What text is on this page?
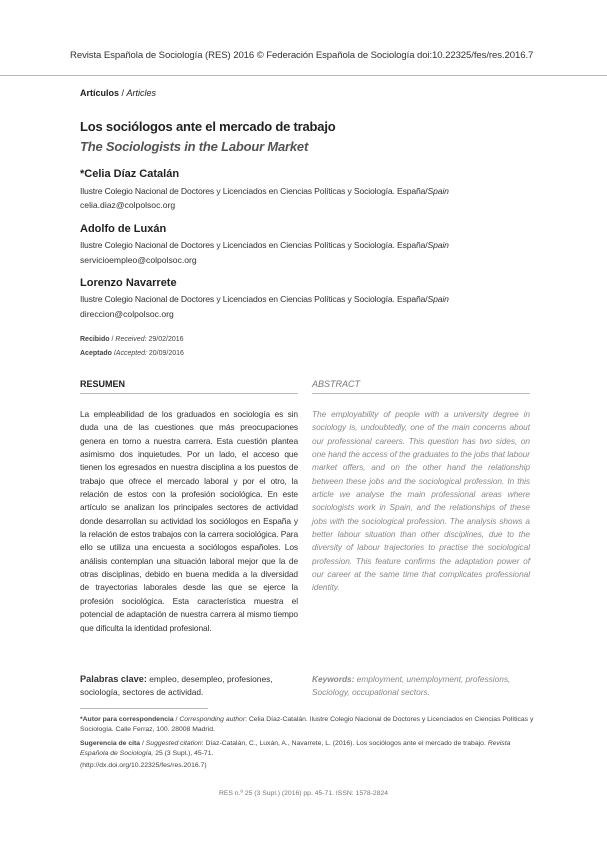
Revista Española de Sociología (RES) 2016 © Federación Española de Sociología doi:10.22325/fes/res.2016.7
Artículos / Articles
Los sociólogos ante el mercado de trabajo
The Sociologists in the Labour Market
*Celia Díaz Catalán
Ilustre Colegio Nacional de Doctores y Licenciados en Ciencias Políticas y Sociología. España/Spain
celia.diaz@colpolsoc.org
Adolfo de Luxán
Ilustre Colegio Nacional de Doctores y Licenciados en Ciencias Políticas y Sociología. España/Spain
servicioempleo@colpolsoc.org
Lorenzo Navarrete
Ilustre Colegio Nacional de Doctores y Licenciados en Ciencias Políticas y Sociología. España/Spain
direccion@colpolsoc.org
Recibido / Received: 29/02/2016
Aceptado /Accepted: 20/09/2016
RESUMEN	ABSTRACT
La empleabilidad de los graduados en sociología es sin duda una de las cuestiones que más preocupaciones genera en torno a nuestra carrera. Esta cuestión plantea asimismo dos inquietudes. Por un lado, el acceso que tienen los egresados en nuestra disciplina a los puestos de trabajo que ofrece el mercado laboral y por el otro, la relación de estos con la profesión sociológica. En este artículo se analizan los principales sectores de actividad donde desarrollan su actividad los sociólogos en España y la relación de estos trabajos con la carrera sociológica. Para ello se utiliza una encuesta a sociólogos españoles. Los análisis contemplan una situación laboral mejor que la de otras disciplinas, debido en buena medida a la diversidad de trayectorias laborales desde las que se ejerce la profesión sociológica. Esta característica muestra el potencial de adaptación de nuestra carrera al mismo tiempo que dificulta la identidad profesional.
Palabras clave: empleo, desempleo, profesiones, sociología, sectores de actividad.
The employability of people with a university degree in sociology is, undoubtedly, one of the main concerns about our professional careers. This question has two sides, on one hand the access of the graduates to the jobs that labour market offers, and on the other hand the relationship between these jobs and the sociological profession. In this article we analyse the main professional areas where sociologists work in Spain, and the relationships of these jobs with the sociological profession. The analysis shows a better labour situation than other disciplines, due to the diversity of labour trajectories to practise the sociological profession. This feature confirms the adaptation power of our career at the same time that complicates professional identity.
Keywords: employment, unemployment, professions, Sociology, occupational sectors.
*Autor para correspondencia / Corresponding author: Celia Díaz-Catalán. Ilustre Colegio Nacional de Doctores y Licenciados en Ciencias Políticas y Sociología. Calle Ferraz, 100. 28008 Madrid.
Sugerencia de cita / Suggested citation: Díaz-Catalán, C., Luxán, A., Navarrete, L. (2016). Los sociólogos ante el mercado de trabajo. Revista Española de Sociología, 25 (3 Supl.), 45-71.
(http://dx.doi.org/10.22325/fes/res.2016.7)
RES n.º 25 (3 Supl.) (2016) pp. 45-71. ISSN: 1578-2824
